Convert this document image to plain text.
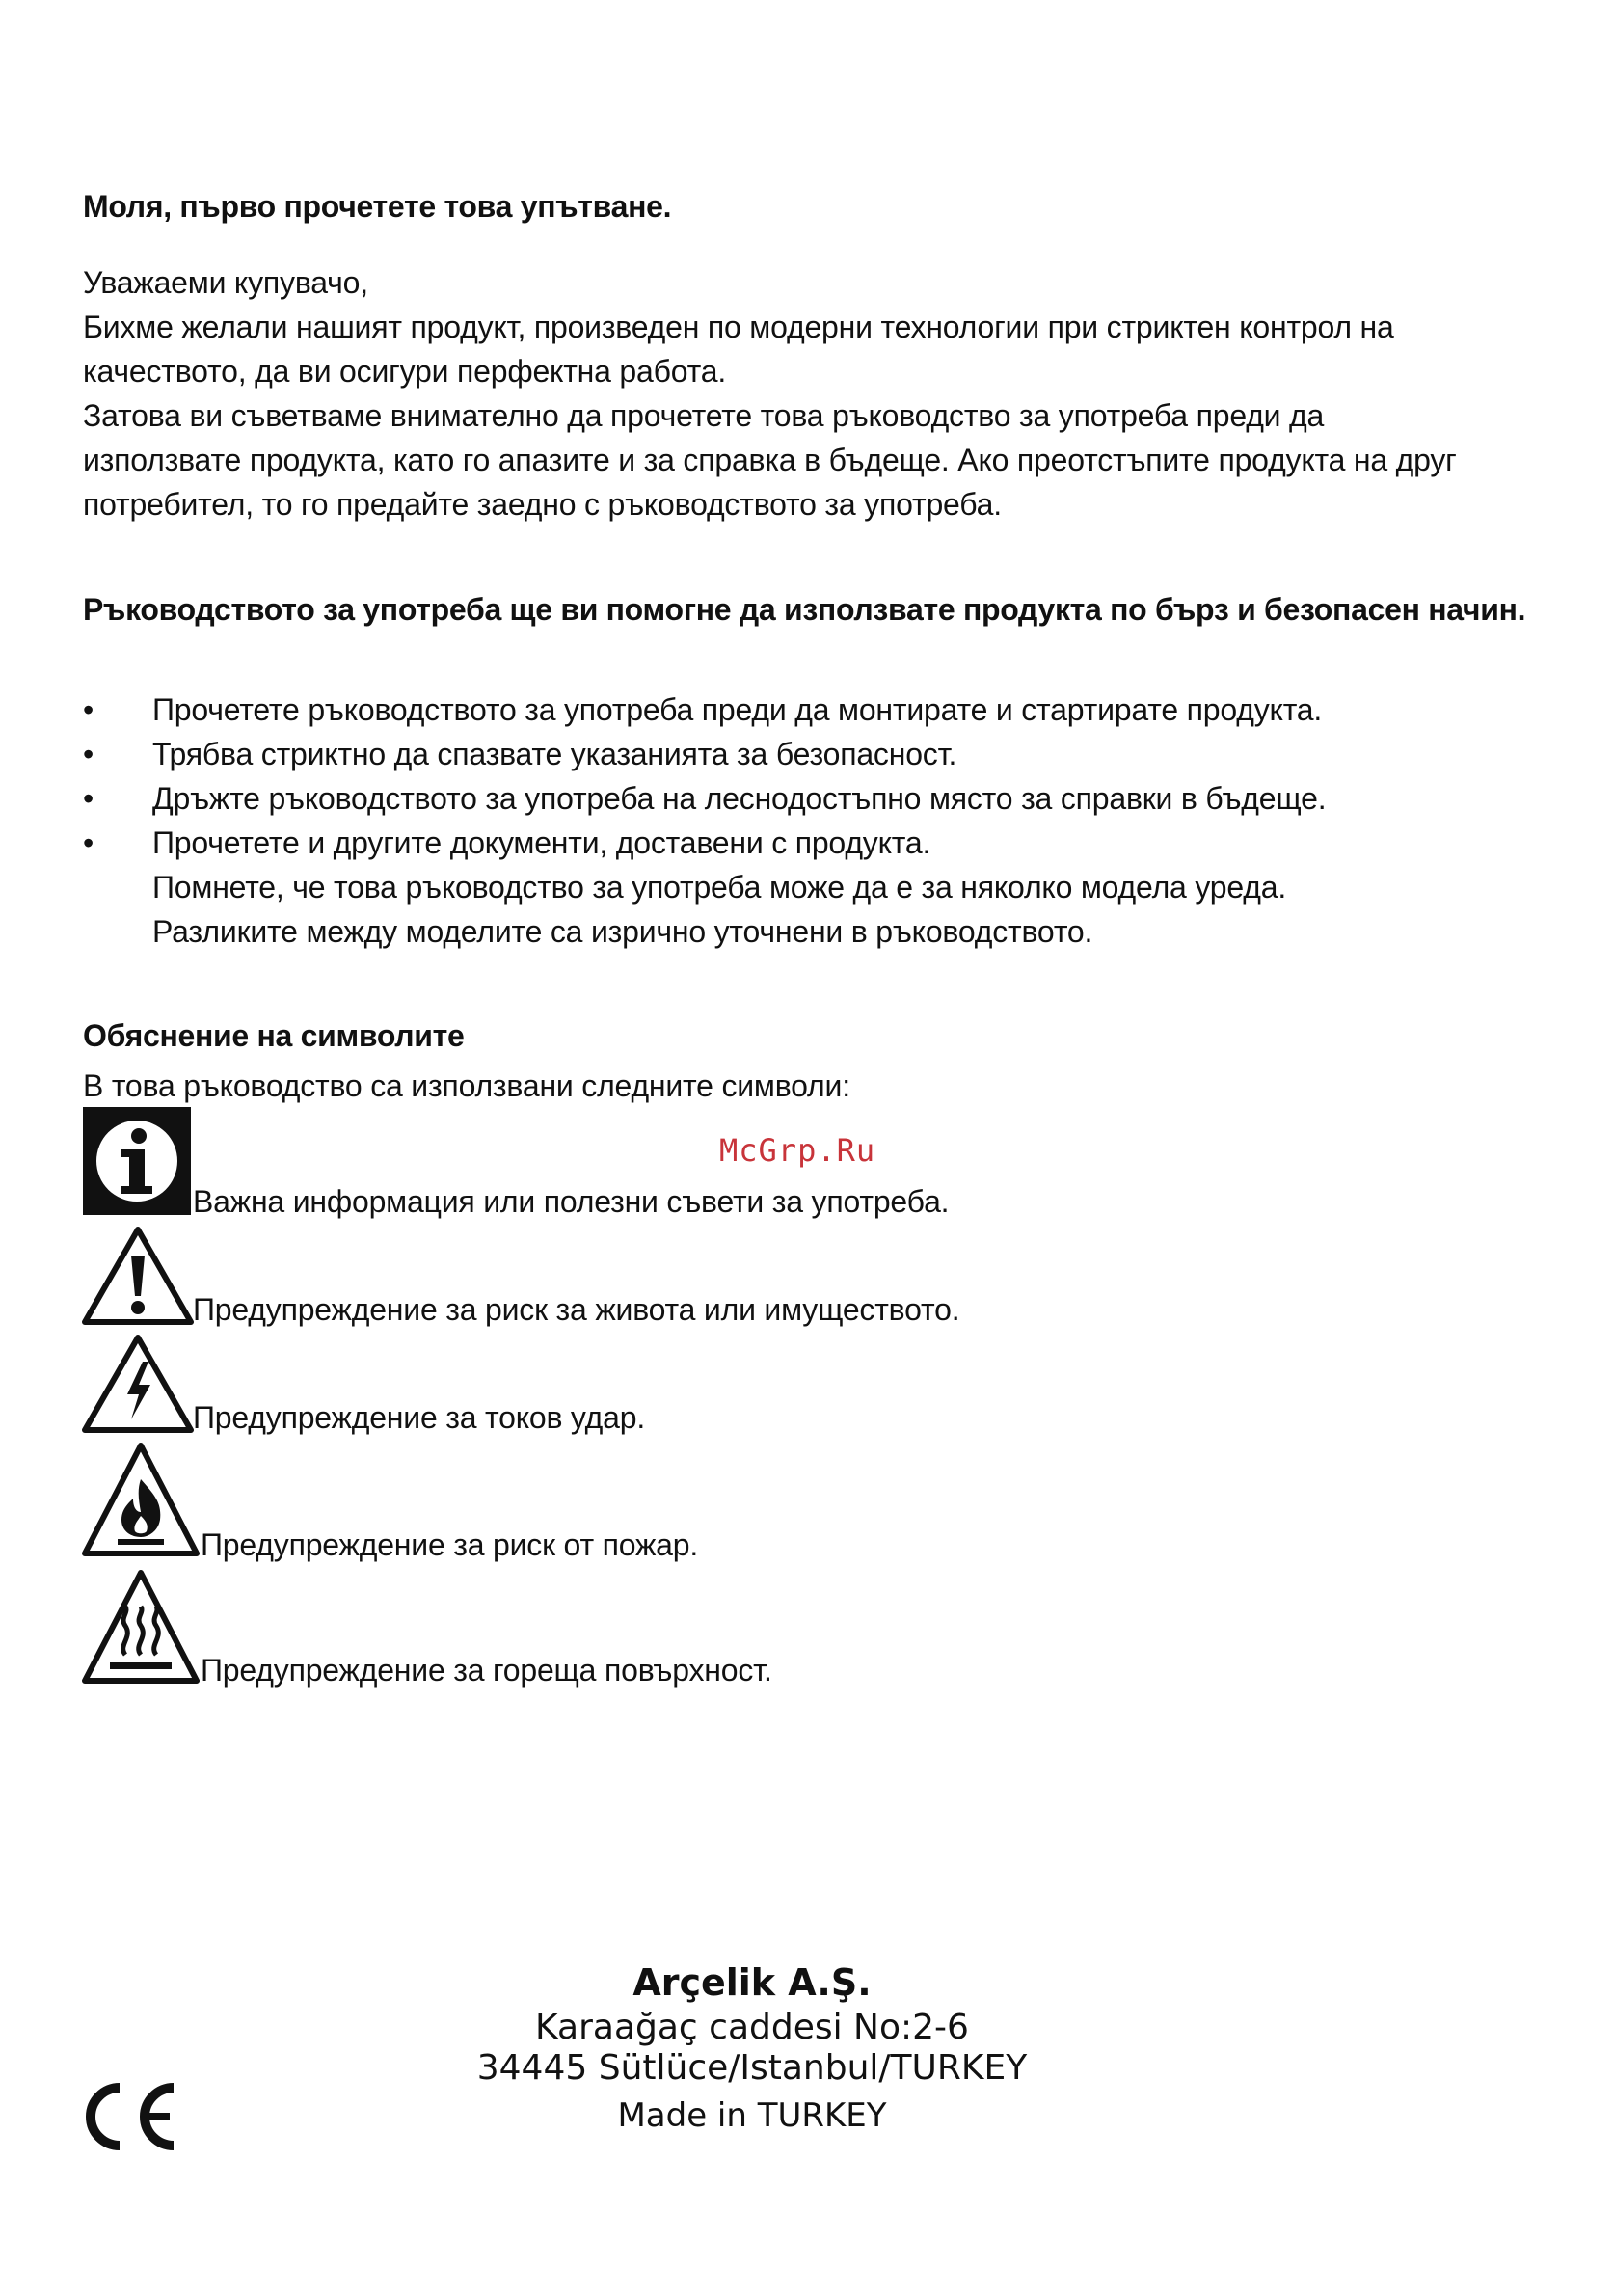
Моля, първо прочетете това упътване.
Уважаеми купувачо,
Бихме желали нашият продукт, произведен по модерни технологии при стриктен контрол на
качеството, да ви осигури перфектна работа.
Затова ви съветваме внимателно да прочетете това ръководство за употреба преди да
използвате продукта, като го апазите и за справка в бъдеще. Ако преотстъпите продукта на друг
потребител, то го предайте заедно с ръководството за употреба.
Ръководството за употреба ще ви помогне да използвате продукта по бърз и безопасен начин.
• Прочетете ръководството за употреба преди да монтирате и стартирате продукта.
• Трябва стриктно да спазвате указанията за безопасност.
• Дръжте ръководството за употреба на леснодостъпно място за справки в бъдеще.
• Прочетете и другите документи, доставени с продукта.
Помнете, че това ръководство за употреба може да е за няколко модела уреда.
Разликите между моделите са изрично уточнени в ръководството.
Обяснение на символите
В това ръководство са използвани следните символи:
Важна информация или полезни съвети за употреба.
Предупреждение за риск за живота или имуществото.
Предупреждение за токов удар.
Предупреждение за риск от пожар.
Предупреждение за гореща повърхност.
McGrp.Ru
Arçelik A.Ş.
Karaağaç caddesi No:2-6
34445 Sütlüce/Istanbul/TURKEY
Made in TURKEY
